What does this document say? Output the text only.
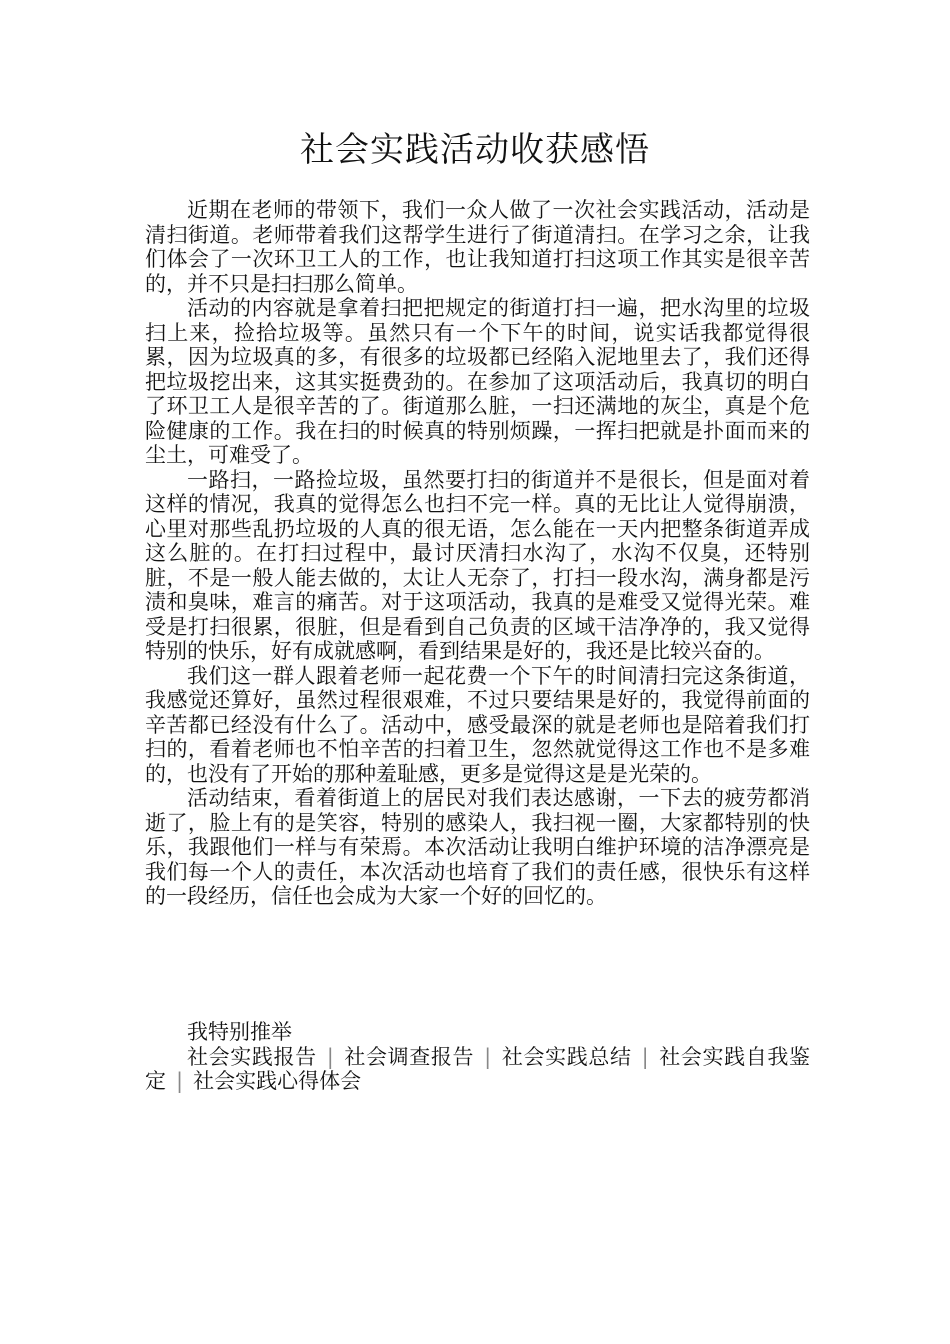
社会实践活动收获感悟

近期在老师的带领下，我们一众人做了一次社会实践活动，活动是清扫街道。老师带着我们这帮学生进行了街道清扫。在学习之余，让我们体会了一次环卫工人的工作，也让我知道打扫这项工作其实是很辛苦的，并不只是扫扫那么简单。

活动的内容就是拿着扫把把规定的街道打扫一遍，把水沟里的垃圾扫上来，捡拾垃圾等。虽然只有一个下午的时间，说实话我都觉得很累，因为垃圾真的多，有很多的垃圾都已经陷入泥地里去了，我们还得把垃圾挖出来，这其实挺费劲的。在参加了这项活动后，我真切的明白了环卫工人是很辛苦的了。街道那么脏，一扫还满地的灰尘，真是个危险健康的工作。我在扫的时候真的特别烦躁，一挥扫把就是扑面而来的尘土，可难受了。

一路扫，一路捡垃圾，虽然要打扫的街道并不是很长，但是面对着这样的情况，我真的觉得怎么也扫不完一样。真的无比让人觉得崩溃，心里对那些乱扔垃圾的人真的很无语，怎么能在一天内把整条街道弄成这么脏的。在打扫过程中，最讨厌清扫水沟了，水沟不仅臭，还特别脏，不是一般人能去做的，太让人无奈了，打扫一段水沟，满身都是污渍和臭味，难言的痛苦。对于这项活动，我真的是难受又觉得光荣。难受是打扫很累，很脏，但是看到自己负责的区域干洁净净的，我又觉得特别的快乐，好有成就感啊，看到结果是好的，我还是比较兴奋的。

我们这一群人跟着老师一起花费一个下午的时间清扫完这条街道，我感觉还算好，虽然过程很艰难，不过只要结果是好的，我觉得前面的辛苦都已经没有什么了。活动中，感受最深的就是老师也是陪着我们打扫的，看着老师也不怕辛苦的扫着卫生，忽然就觉得这工作也不是多难的，也没有了开始的那种羞耻感，更多是觉得这是是光荣的。

活动结束，看着街道上的居民对我们表达感谢，一下去的疲劳都消逝了，脸上有的是笑容，特别的感染人，我扫视一圈，大家都特别的快乐，我跟他们一样与有荣焉。本次活动让我明白维护环境的洁净漂亮是我们每一个人的责任，本次活动也培育了我们的责任感，很快乐有这样的一段经历，信任也会成为大家一个好的回忆的。

我特别推举

社会实践报告 | 社会调查报告 | 社会实践总结 | 社会实践自我鉴定 | 社会实践心得体会
